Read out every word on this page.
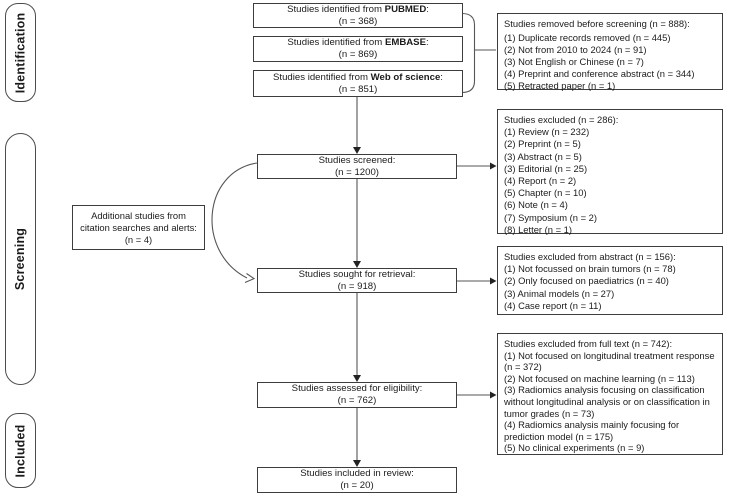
Identification
Screening
Included
Studies identified from PUBMED:
(n = 368)
Studies identified from EMBASE:
(n = 869)
Studies identified from Web of science:
(n = 851)
Studies screened:
(n = 1200)
Studies sought for retrieval:
(n = 918)
Studies assessed for eligibility:
(n = 762)
Studies included in review:
(n = 20)
Additional studies from
citation searches and alerts:
(n = 4)
Studies removed before screening (n = 888):
(1) Duplicate records removed (n = 445)
(2) Not from 2010 to 2024 (n = 91)
(3) Not English or Chinese (n = 7)
(4) Preprint and conference abstract (n = 344)
(5) Retracted paper (n = 1)
Studies excluded (n = 286):
(1) Review (n = 232)
(2) Preprint (n = 5)
(3) Abstract (n = 5)
(3) Editorial (n = 25)
(4) Report (n = 2)
(5) Chapter (n = 10)
(6) Note (n = 4)
(7) Symposium (n = 2)
(8) Letter (n = 1)
Studies excluded from abstract (n = 156):
(1) Not focussed on brain tumors (n = 78)
(2) Only focused on paediatrics (n = 40)
(3) Animal models (n = 27)
(4) Case report (n = 11)
Studies excluded from full text (n = 742):
(1) Not focused on longitudinal treatment response (n = 372)
(2) Not focused on machine learning (n = 113)
(3) Radiomics analysis focusing on classification without longitudinal analysis or on classification in tumor grades (n = 73)
(4) Radiomics analysis mainly focusing for prediction model (n = 175)
(5) No clinical experiments (n = 9)
